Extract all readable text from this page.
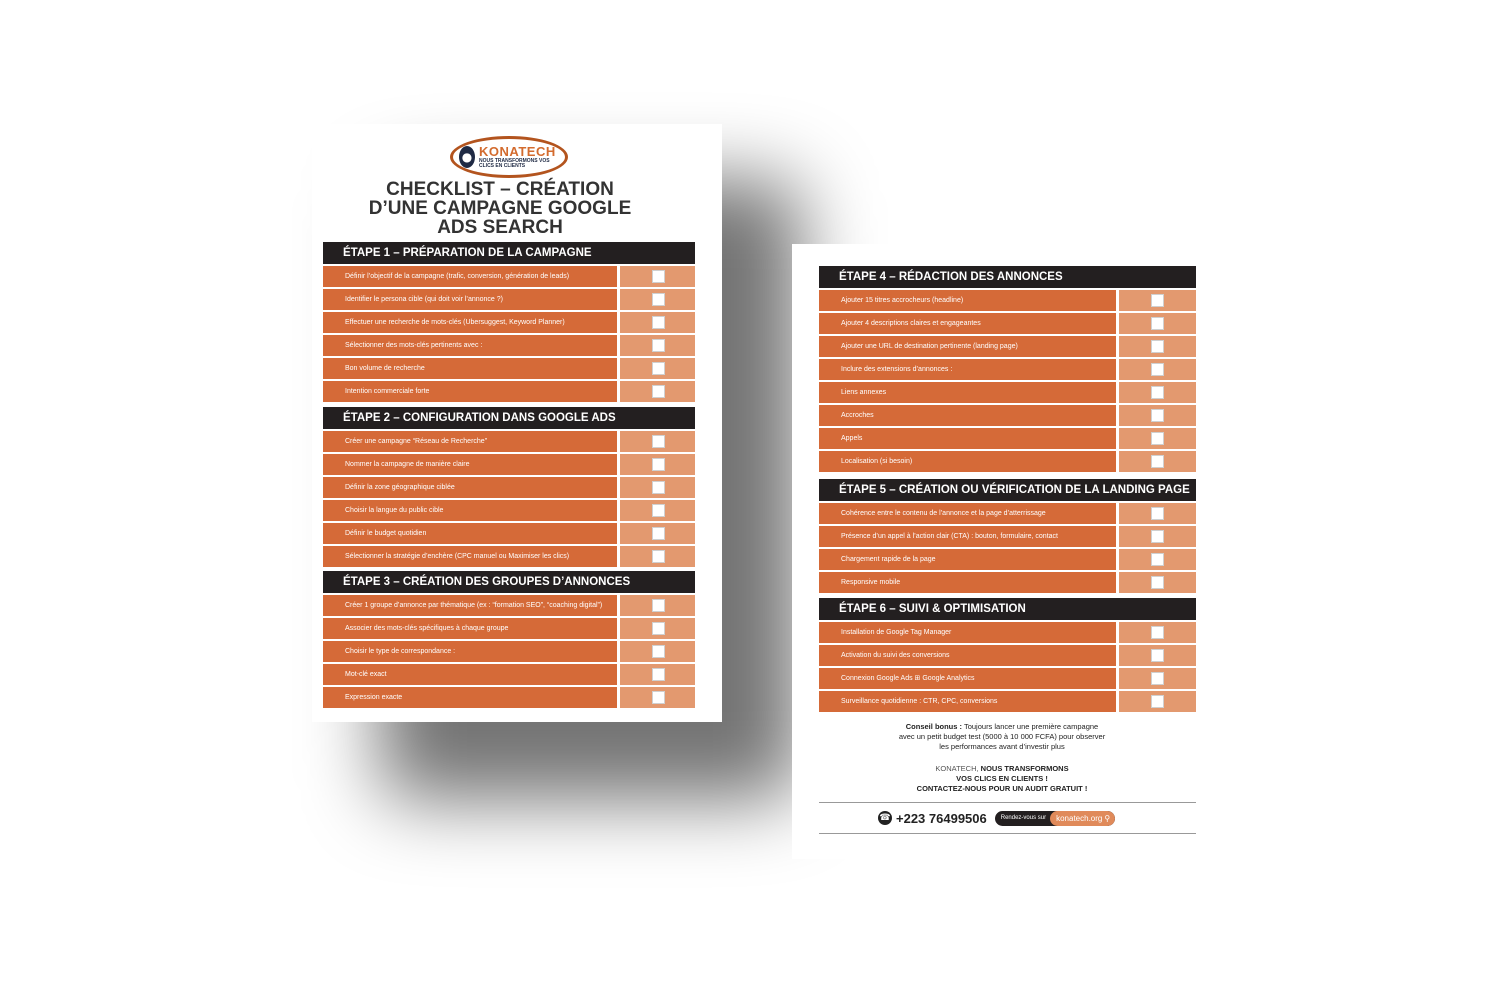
● KONATECH
NOUS TRANSFORMONS VOS CLICS EN CLIENTS
CHECKLIST – CRÉATION
D’UNE CAMPAGNE GOOGLE
ADS SEARCH
ÉTAPE 1 – PRÉPARATION DE LA CAMPAGNE
Définir l’objectif de la campagne (trafic, conversion, génération de leads)
Identifier le persona cible (qui doit voir l’annonce ?)
Effectuer une recherche de mots-clés (Ubersuggest, Keyword Planner)
Sélectionner des mots-clés pertinents avec :
Bon volume de recherche
Intention commerciale forte
ÉTAPE 2 – CONFIGURATION DANS GOOGLE ADS
Créer une campagne “Réseau de Recherche”
Nommer la campagne de manière claire
Définir la zone géographique ciblée
Choisir la langue du public cible
Définir le budget quotidien
Sélectionner la stratégie d’enchère (CPC manuel ou Maximiser les clics)
ÉTAPE 3 – CRÉATION DES GROUPES D’ANNONCES
Créer 1 groupe d’annonce par thématique (ex : “formation SEO”, “coaching digital”)
Associer des mots-clés spécifiques à chaque groupe
Choisir le type de correspondance :
Mot-clé exact
Expression exacte
ÉTAPE 4 – RÉDACTION DES ANNONCES
Ajouter 15 titres accrocheurs (headline)
Ajouter 4 descriptions claires et engageantes
Ajouter une URL de destination pertinente (landing page)
Inclure des extensions d’annonces :
Liens annexes
Accroches
Appels
Localisation (si besoin)
ÉTAPE 5 – CRÉATION OU VÉRIFICATION DE LA LANDING PAGE
Cohérence entre le contenu de l’annonce et la page d’atterrissage
Présence d’un appel à l’action clair (CTA) : bouton, formulaire, contact
Chargement rapide de la page
Responsive mobile
ÉTAPE 6 – SUIVI & OPTIMISATION
Installation de Google Tag Manager
Activation du suivi des conversions
Connexion Google Ads ⊞ Google Analytics
Surveillance quotidienne : CTR, CPC, conversions
Conseil bonus : Toujours lancer une première campagne
avec un petit budget test (5000 à 10 000 FCFA) pour observer
les performances avant d’investir plus
KONATECH, NOUS TRANSFORMONS
VOS CLICS EN CLIENTS !
CONTACTEZ-NOUS POUR UN AUDIT GRATUIT !
☎ +223 76499506	Rendez-vous sur	konatech.org ⚲
